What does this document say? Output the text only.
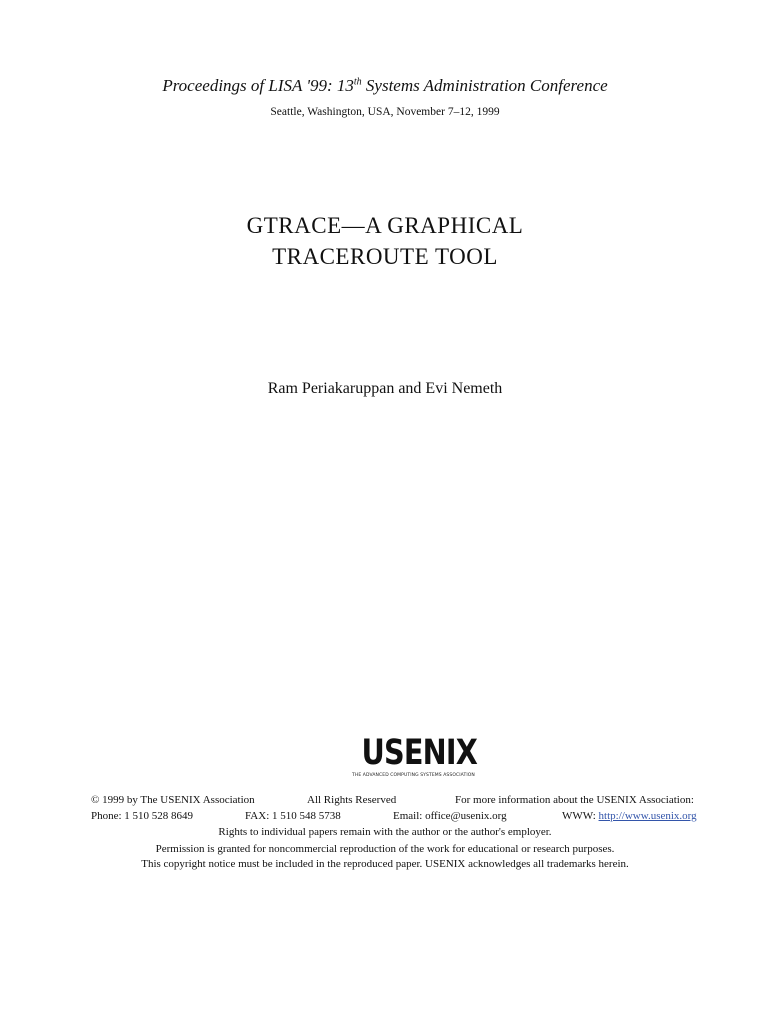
Proceedings of LISA '99: 13th Systems Administration Conference
Seattle, Washington, USA, November 7–12, 1999
GTRACE—A GRAPHICAL
TRACEROUTE TOOL
Ram Periakaruppan and Evi Nemeth
USENIX
THE ADVANCED COMPUTING SYSTEMS ASSOCIATION
© 1999 by The USENIX Association	All Rights Reserved	For more information about the USENIX Association:
Phone: 1 510 528 8649	FAX: 1 510 548 5738	Email: office@usenix.org	WWW: http://www.usenix.org
Rights to individual papers remain with the author or the author's employer.
Permission is granted for noncommercial reproduction of the work for educational or research purposes.
This copyright notice must be included in the reproduced paper. USENIX acknowledges all trademarks herein.
